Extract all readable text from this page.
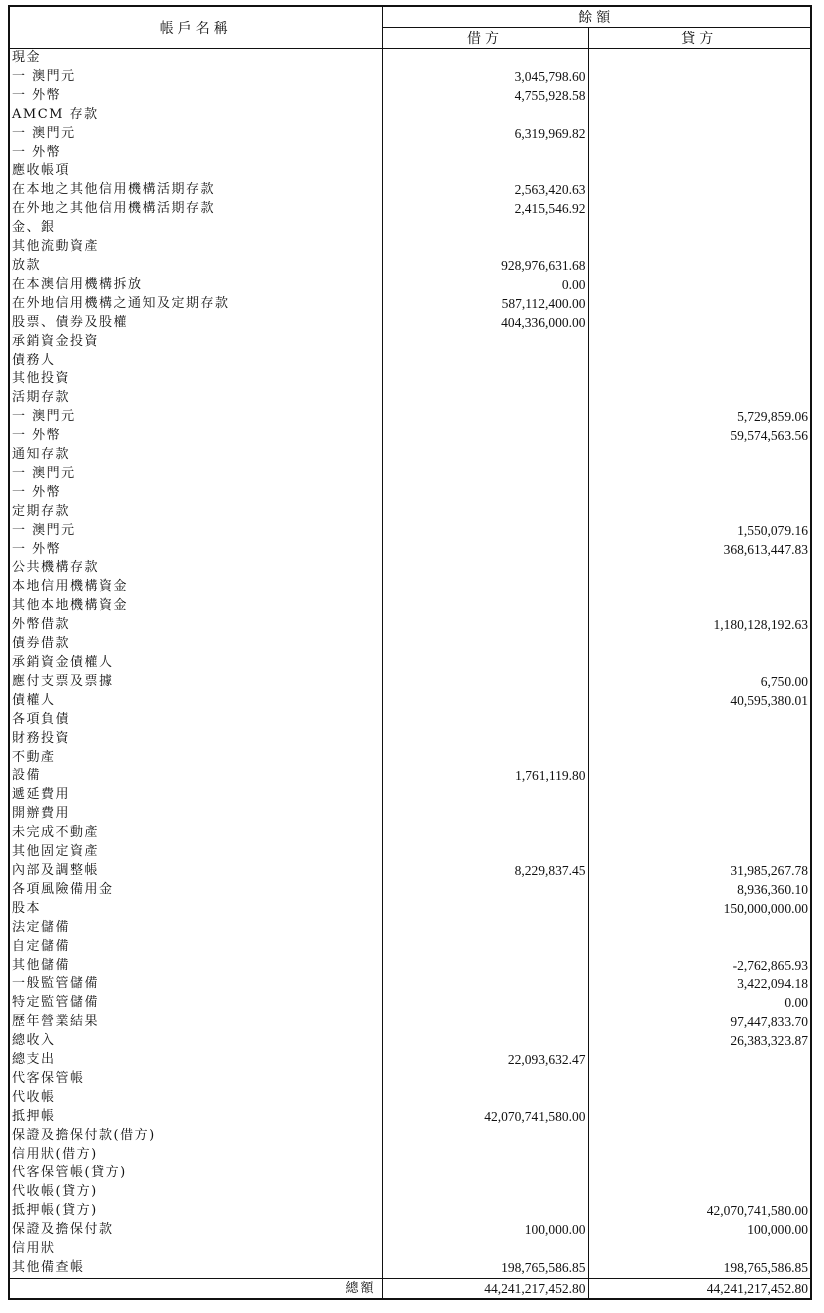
帳戶名稱	餘額	
	借方	貸方
現金		
一 澳門元	3,045,798.60	
一 外幣	4,755,928.58	
AMCM 存款		
一 澳門元	6,319,969.82	
一 外幣		
應收帳項		
在本地之其他信用機構活期存款	2,563,420.63	
在外地之其他信用機構活期存款	2,415,546.92	
金、銀		
其他流動資產		
放款	928,976,631.68	
在本澳信用機構拆放	0.00	
在外地信用機構之通知及定期存款	587,112,400.00	
股票、債券及股權	404,336,000.00	
承銷資金投資		
債務人		
其他投資		
活期存款		
一 澳門元		5,729,859.06
一 外幣		59,574,563.56
通知存款		
一 澳門元		
一 外幣		
定期存款		
一 澳門元		1,550,079.16
一 外幣		368,613,447.83
公共機構存款		
本地信用機構資金		
其他本地機構資金		
外幣借款		1,180,128,192.63
債券借款		
承銷資金債權人		
應付支票及票據		6,750.00
債權人		40,595,380.01
各項負債		
財務投資		
不動產		
設備	1,761,119.80	
遞延費用		
開辦費用		
未完成不動產		
其他固定資產		
內部及調整帳	8,229,837.45	31,985,267.78
各項風險備用金		8,936,360.10
股本		150,000,000.00
法定儲備		
自定儲備		
其他儲備		-2,762,865.93
一般監管儲備		3,422,094.18
特定監管儲備		0.00
歷年營業結果		97,447,833.70
總收入		26,383,323.87
總支出	22,093,632.47	
代客保管帳		
代收帳		
抵押帳	42,070,741,580.00	
保證及擔保付款(借方)		
信用狀(借方)		
代客保管帳(貸方)		
代收帳(貸方)		
抵押帳(貸方)		42,070,741,580.00
保證及擔保付款	100,000.00	100,000.00
信用狀		
其他備查帳	198,765,586.85	198,765,586.85
總額	44,241,217,452.80	44,241,217,452.80
